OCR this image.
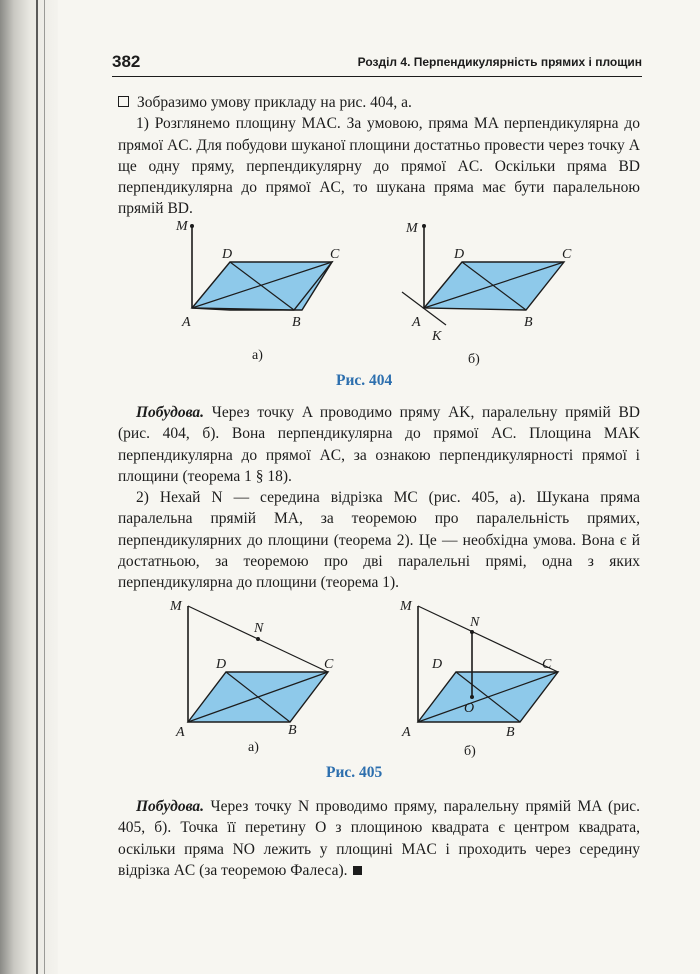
382	Розділ 4. Перпендикулярність прямих і площин

Зобразимо умову прикладу на рис. 404, а.

1) Розглянемо площину MAC. За умовою, пряма MA перпендикулярна до прямої AC. Для побудови шуканої площини достатньо провести через точку A ще одну пряму, перпендикулярну до прямої AC. Оскільки пряма BD перпендикулярна до прямої AC, то шукана пряма має бути паралельною прямій BD.

M
D	C
A	B
M
D	C
A	B
K
а)	б)
Рис. 404

Побудова. Через точку A проводимо пряму AK, паралельну прямій BD (рис. 404, б). Вона перпендикулярна до прямої AC. Площина MAK перпендикулярна до прямої AC, за ознакою перпендикулярності прямої і площини (теорема 1 § 18).

2) Нехай N — середина відрізка MC (рис. 405, а). Шукана пряма паралельна прямій MA, за теоремою про паралельність прямих, перпендикулярних до площини (теорема 2). Це — необхідна умова. Вона є й достатньою, за теоремою про дві паралельні прямі, одна з яких перпендикулярна до площини (теорема 1).

M
N
D	C
A	B
M
N
D	C
O
A	B
а)	б)
Рис. 405

Побудова. Через точку N проводимо пряму, паралельну прямій MA (рис. 405, б). Точка її перетину O з площиною квадрата є центром квадрата, оскільки пряма NO лежить у площині MAC і проходить через середину відрізка AC (за теоремою Фалеса).
